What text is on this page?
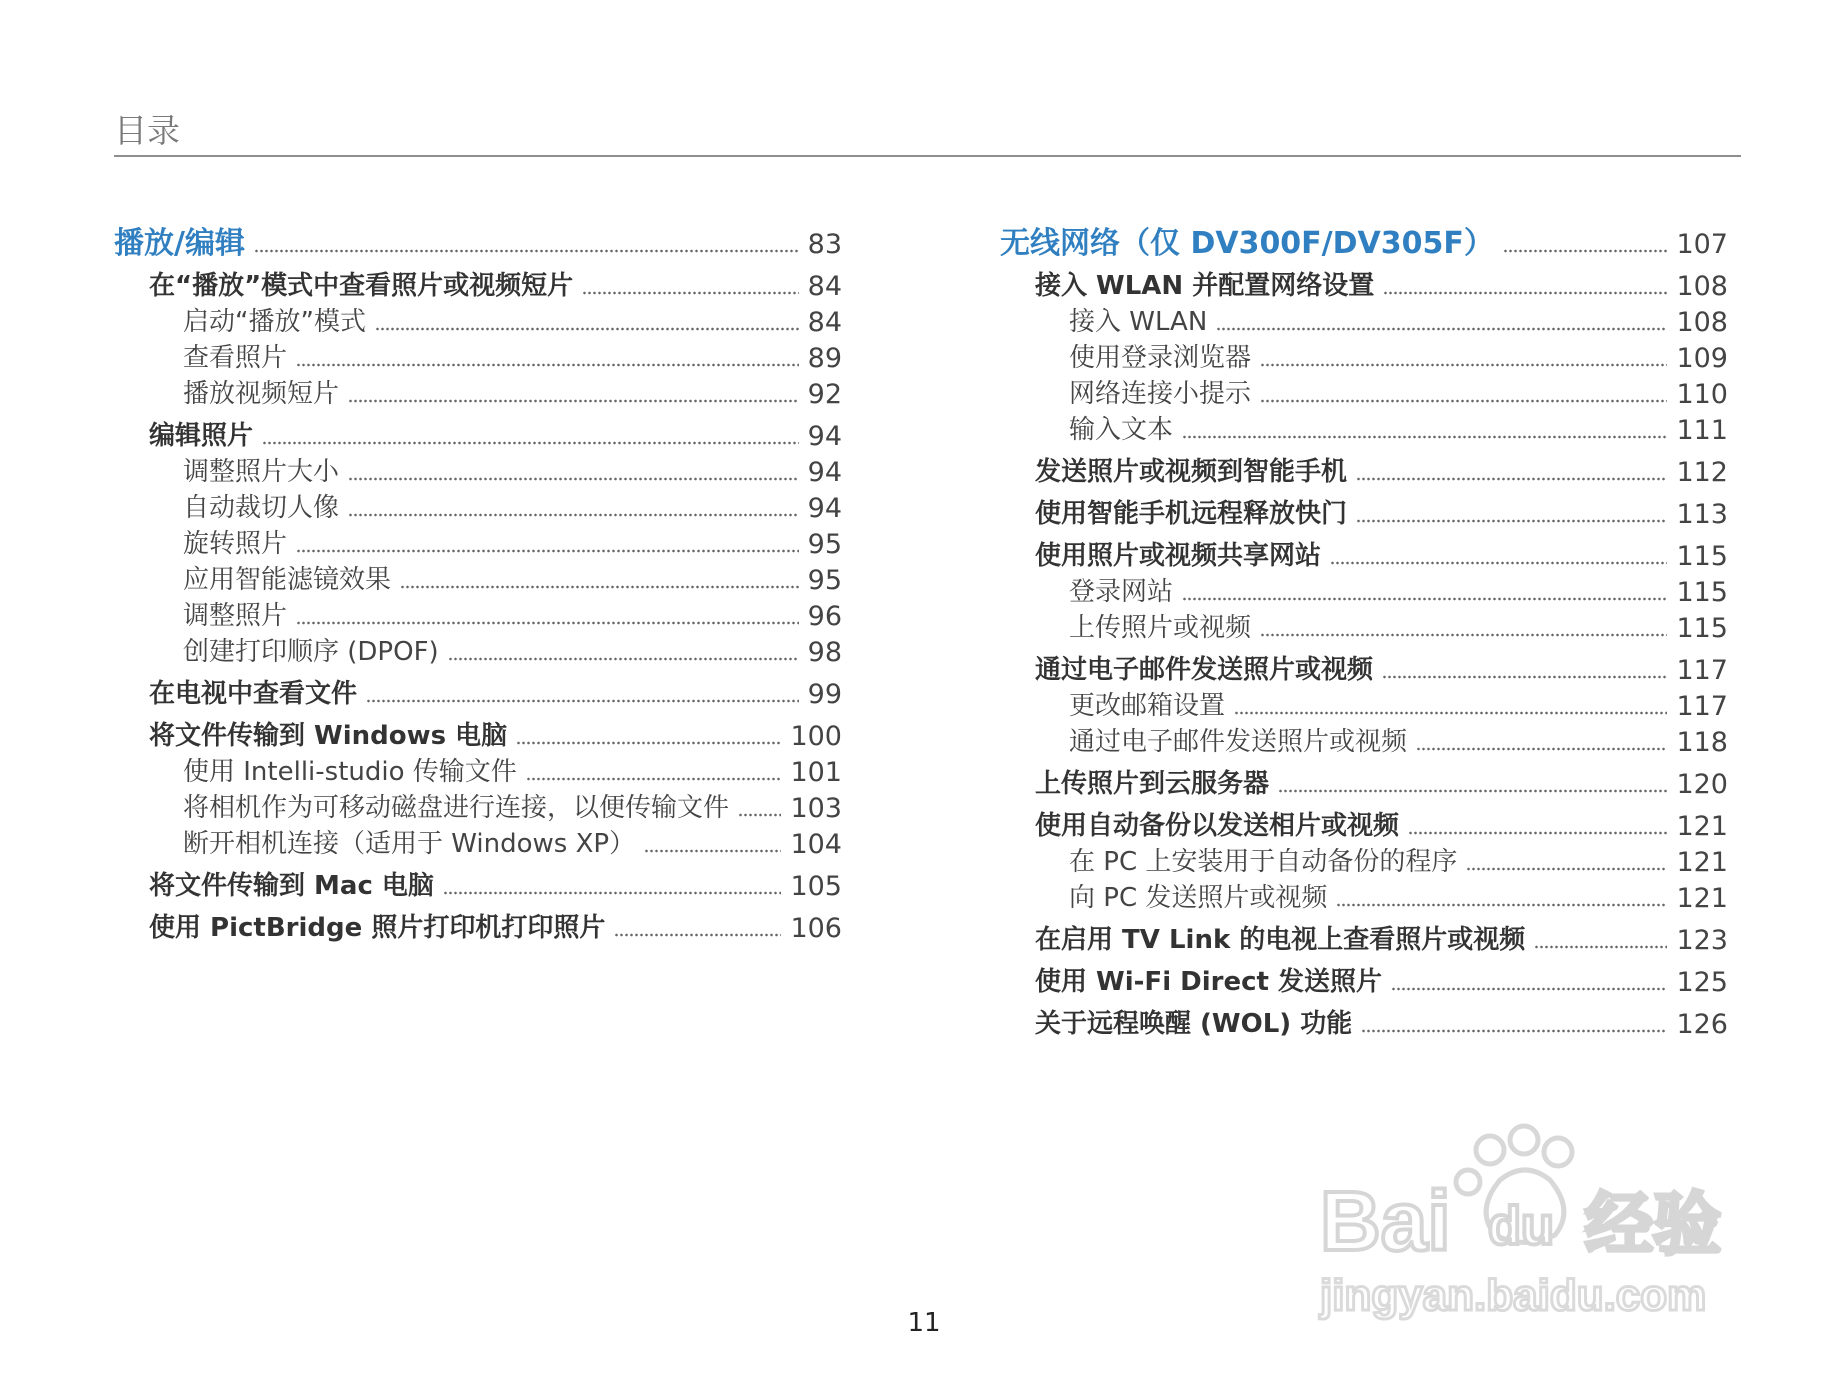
目录
播放/编辑	83
在“播放”模式中查看照片或视频短片	84
启动“播放”模式	84
查看照片	89
播放视频短片	92
编辑照片	94
调整照片大小	94
自动裁切人像	94
旋转照片	95
应用智能滤镜效果	95
调整照片	96
创建打印顺序 (DPOF)	98
在电视中查看文件	99
将文件传输到 Windows 电脑	100
使用 Intelli-studio 传输文件	101
将相机作为可移动磁盘进行连接，以便传输文件 103
断开相机连接（适用于 Windows XP）	104
将文件传输到 Mac 电脑	105
使用 PictBridge 照片打印机打印照片	106
无线网络（仅 DV300F/DV305F）	107
接入 WLAN 并配置网络设置	108
接入 WLAN	108
使用登录浏览器	109
网络连接小提示	110
输入文本	111
发送照片或视频到智能手机	112
使用智能手机远程释放快门	113
使用照片或视频共享网站	115
登录网站	115
上传照片或视频	115
通过电子邮件发送照片或视频	117
更改邮箱设置	117
通过电子邮件发送照片或视频	118
上传照片到云服务器	120
使用自动备份以发送相片或视频	121
在 PC 上安装用于自动备份的程序	121
向 PC 发送照片或视频	121
在启用 TV Link 的电视上查看照片或视频	123
使用 Wi-Fi Direct 发送照片	125
关于远程唤醒 (WOL) 功能	126
11
Bai du 经验
jingyan.baidu.com
